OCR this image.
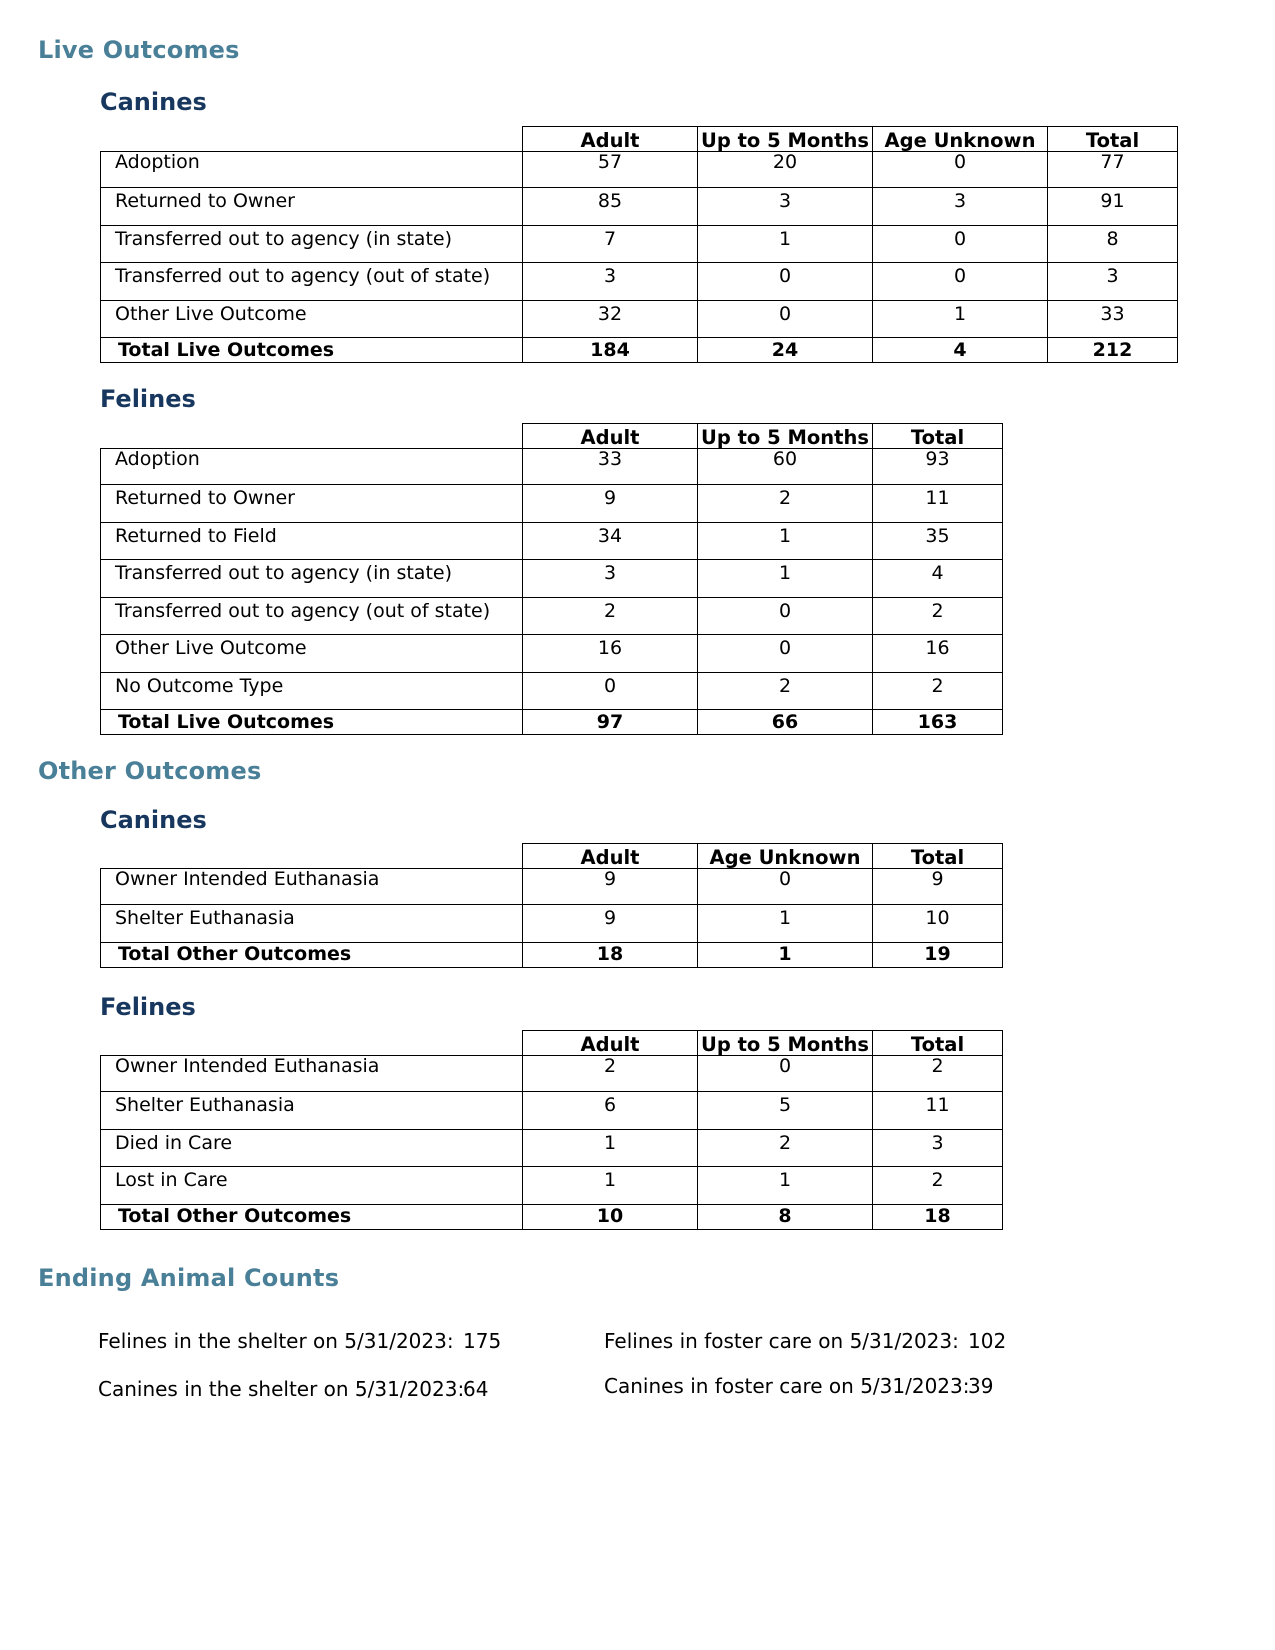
Live Outcomes
Canines
	Adult	Up to 5 Months	Age Unknown	Total
Adoption	57	20	0	77
Returned to Owner	85	3	3	91
Transferred out to agency (in state)	7	1	0	8
Transferred out to agency (out of state)	3	0	0	3
Other Live Outcome	32	0	1	33
Total Live Outcomes	184	24	4	212
Felines
	Adult	Up to 5 Months	Total
Adoption	33	60	93
Returned to Owner	9	2	11
Returned to Field	34	1	35
Transferred out to agency (in state)	3	1	4
Transferred out to agency (out of state)	2	0	2
Other Live Outcome	16	0	16
No Outcome Type	0	2	2
Total Live Outcomes	97	66	163
Other Outcomes
Canines
	Adult	Age Unknown	Total
Owner Intended Euthanasia	9	0	9
Shelter Euthanasia	9	1	10
Total Other Outcomes	18	1	19
Felines
	Adult	Up to 5 Months	Total
Owner Intended Euthanasia	2	0	2
Shelter Euthanasia	6	5	11
Died in Care	1	2	3
Lost in Care	1	1	2
Total Other Outcomes	10	8	18
Ending Animal Counts
Felines in the shelter on 5/31/2023: 175
Canines in the shelter on 5/31/2023:
64
Felines in foster care on 5/31/2023: 102
Canines in foster care on 5/31/2023:
39
